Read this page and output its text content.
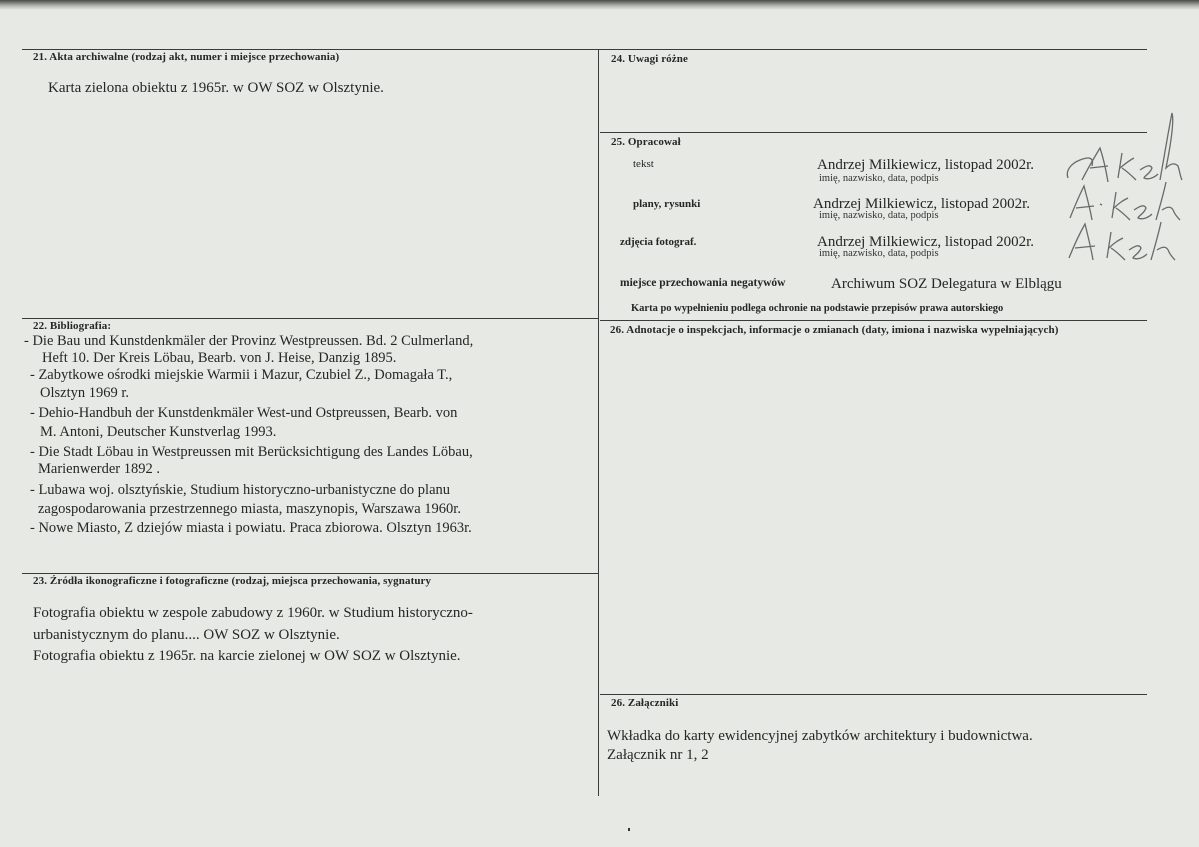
21. Akta archiwalne (rodzaj akt, numer i miejsce przechowania)
Karta zielona obiektu z 1965r. w OW SOZ w Olsztynie.
24. Uwagi różne
25. Opracował
tekst	Andrzej Milkiewicz, listopad 2002r.
imię, nazwisko, data, podpis
plany, rysunki	Andrzej Milkiewicz, listopad 2002r.
imię, nazwisko, data, podpis
zdjęcia fotograf.	Andrzej Milkiewicz, listopad 2002r.
imię, nazwisko, data, podpis
miejsce przechowania negatywów	Archiwum SOZ Delegatura w Elblągu
Karta po wypełnieniu podlega ochronie na podstawie przepisów prawa autorskiego
22. Bibliografia:
- Die Bau und Kunstdenkmäler der Provinz Westpreussen. Bd. 2 Culmerland,
Heft 10. Der Kreis Löbau, Bearb. von J. Heise, Danzig 1895.
- Zabytkowe ośrodki miejskie Warmii i Mazur, Czubiel Z., Domagała T.,
Olsztyn 1969 r.
- Dehio-Handbuh der Kunstdenkmäler West-und Ostpreussen, Bearb. von
M. Antoni, Deutscher Kunstverlag 1993.
- Die Stadt Löbau in Westpreussen mit Berücksichtigung des Landes Löbau,
Marienwerder 1892 .
- Lubawa woj. olsztyńskie, Studium historyczno-urbanistyczne do planu
zagospodarowania przestrzennego miasta, maszynopis, Warszawa 1960r.
- Nowe Miasto, Z dziejów miasta i powiatu. Praca zbiorowa. Olsztyn 1963r.
23. Źródła ikonograficzne i fotograficzne (rodzaj, miejsca przechowania, sygnatury
Fotografia obiektu w zespole zabudowy z 1960r. w Studium historyczno-
urbanistycznym do planu.... OW SOZ w Olsztynie.
Fotografia obiektu z 1965r. na karcie zielonej w OW SOZ w Olsztynie.
26. Adnotacje o inspekcjach, informacje o zmianach (daty, imiona i nazwiska wypełniających)
26. Załączniki
Wkładka do karty ewidencyjnej zabytków architektury i budownictwa.
Załącznik nr 1, 2
